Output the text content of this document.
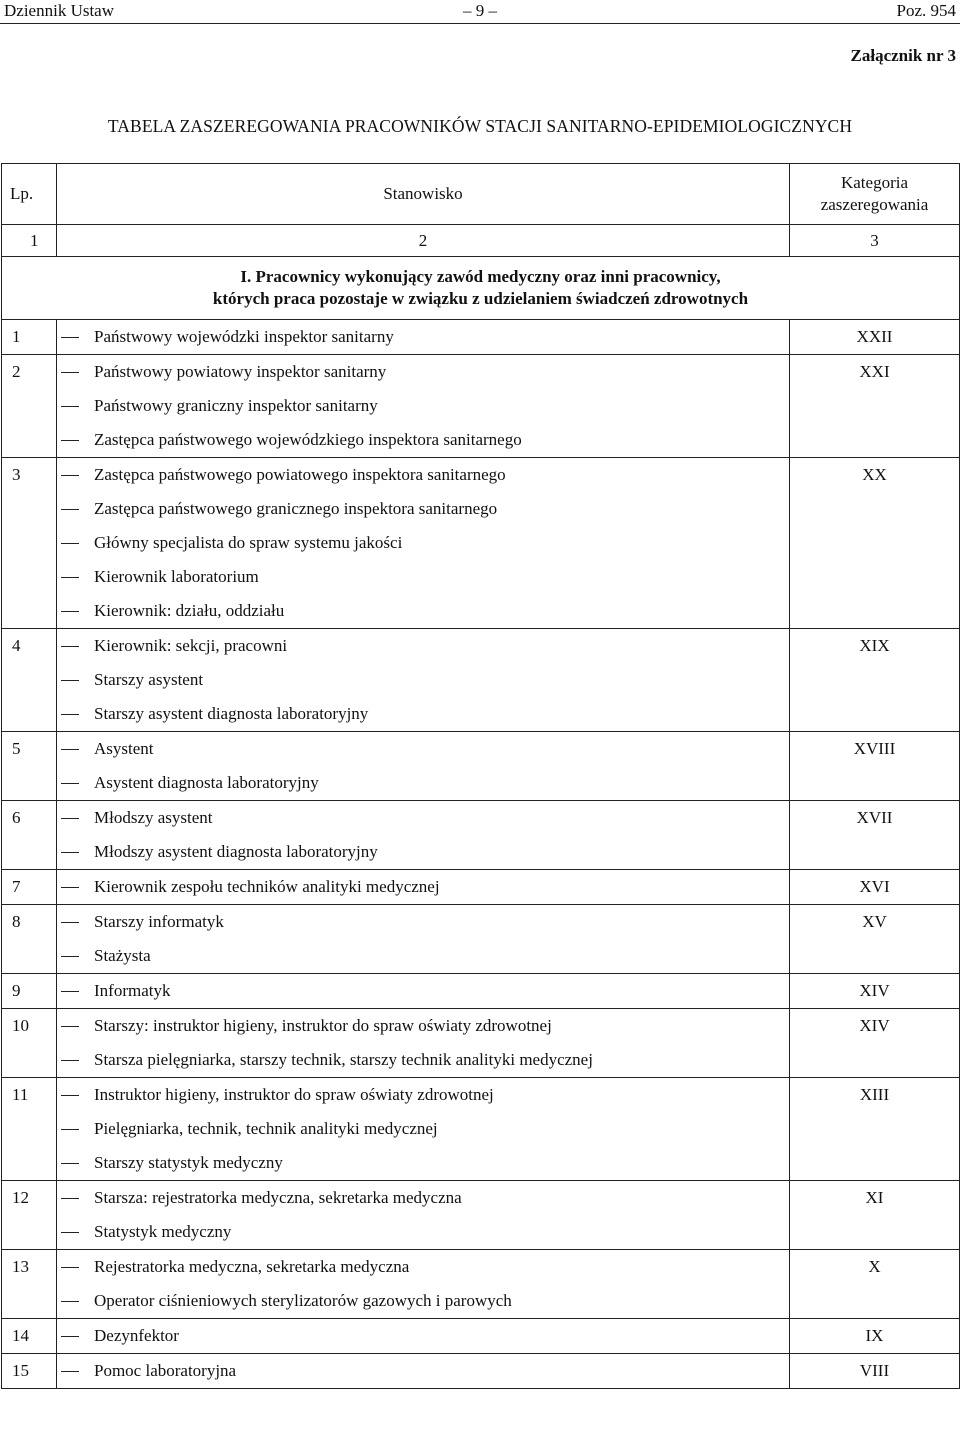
Dziennik Ustaw	– 9 –	Poz. 954
Załącznik nr 3
TABELA ZASZEREGOWANIA PRACOWNIKÓW STACJI SANITARNO-EPIDEMIOLOGICZNYCH
Lp.	Stanowisko	Kategoria
zaszeregowania

1	2	3

I. Pracownicy wykonujący zawód medyczny oraz inni pracownicy,
których praca pozostaje w związku z udzielaniem świadczeń zdrowotnych		

1	Państwowy wojewódzki inspektor sanitarny	XXII

2	Państwowy powiatowy inspektor sanitarny
Państwowy graniczny inspektor sanitarny
Zastępca państwowego wojewódzkiego inspektora sanitarnego	XXI

3	Zastępca państwowego powiatowego inspektora sanitarnego
Zastępca państwowego granicznego inspektora sanitarnego
Główny specjalista do spraw systemu jakości
Kierownik laboratorium
Kierownik: działu, oddziału	XX

4	Kierownik: sekcji, pracowni
Starszy asystent
Starszy asystent diagnosta laboratoryjny	XIX

5	Asystent
Asystent diagnosta laboratoryjny	XVIII

6	Młodszy asystent
Młodszy asystent diagnosta laboratoryjny	XVII

7	Kierownik zespołu techników analityki medycznej	XVI

8	Starszy informatyk
Stażysta	XV

9	Informatyk	XIV

10	Starszy: instruktor higieny, instruktor do spraw oświaty zdrowotnej
Starsza pielęgniarka, starszy technik, starszy technik analityki medycznej	XIV

11	Instruktor higieny, instruktor do spraw oświaty zdrowotnej
Pielęgniarka, technik, technik analityki medycznej
Starszy statystyk medyczny	XIII

12	Starsza: rejestratorka medyczna, sekretarka medyczna
Statystyk medyczny	XI

13	Rejestratorka medyczna, sekretarka medyczna
Operator ciśnieniowych sterylizatorów gazowych i parowych	X

14	Dezynfektor	IX

15	Pomoc laboratoryjna	VIII
